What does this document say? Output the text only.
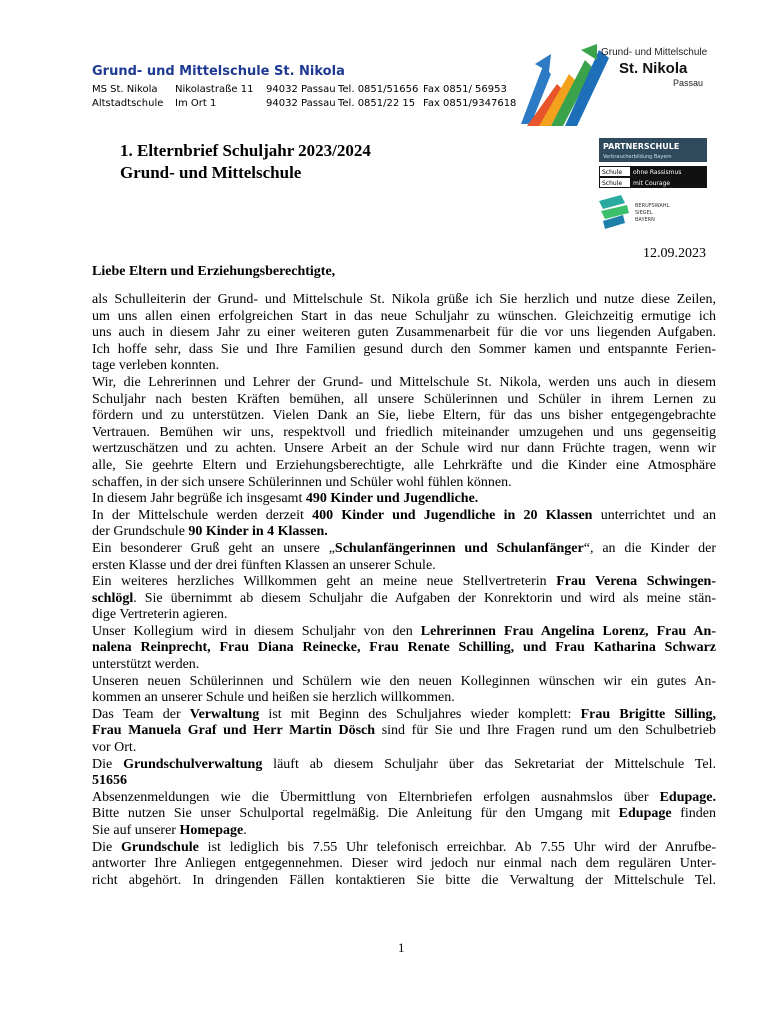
Grund- und Mittelschule St. Nikola
MS St. Nikola Nikolastraße 11 94032 Passau Tel. 0851/51656 Fax 0851/ 56953
Altstadtschule Im Ort 1	94032 Passau Tel. 0851/22 15 Fax 0851/9347618
Grund- und Mittelschule
St. Nikola
Passau
1. Elternbrief Schuljahr 2023/2024
Grund- und Mittelschule
PARTNERSCHULE
Verbraucherbildung Bayern
Schule ohne Rassismus
Schule mit Courage
BERUFSWAHL
SIEGEL
BAYERN
12.09.2023
Liebe Eltern und Erziehungsberechtigte,
als Schulleiterin der Grund- und Mittelschule St. Nikola grüße ich Sie herzlich und nutze diese Zeilen,
um uns allen einen erfolgreichen Start in das neue Schuljahr zu wünschen. Gleichzeitig ermutige ich
uns auch in diesem Jahr zu einer weiteren guten Zusammenarbeit für die vor uns liegenden Aufgaben.
Ich hoffe sehr, dass Sie und Ihre Familien gesund durch den Sommer kamen und entspannte Ferien-
tage verleben konnten.
Wir, die Lehrerinnen und Lehrer der Grund- und Mittelschule St. Nikola, werden uns auch in diesem
Schuljahr nach besten Kräften bemühen, all unsere Schülerinnen und Schüler in ihrem Lernen zu
fördern und zu unterstützen. Vielen Dank an Sie, liebe Eltern, für das uns bisher entgegengebrachte
Vertrauen. Bemühen wir uns, respektvoll und friedlich miteinander umzugehen und uns gegenseitig
wertzuschätzen und zu achten. Unsere Arbeit an der Schule wird nur dann Früchte tragen, wenn wir
alle, Sie geehrte Eltern und Erziehungsberechtigte, alle Lehrkräfte und die Kinder eine Atmosphäre
schaffen, in der sich unsere Schülerinnen und Schüler wohl fühlen können.
In diesem Jahr begrüße ich insgesamt 490 Kinder und Jugendliche.
In der Mittelschule werden derzeit 400 Kinder und Jugendliche in 20 Klassen unterrichtet und an
der Grundschule 90 Kinder in 4 Klassen.
Ein besonderer Gruß geht an unsere „Schulanfängerinnen und Schulanfänger“, an die Kinder der
ersten Klasse und der drei fünften Klassen an unserer Schule.
Ein weiteres herzliches Willkommen geht an meine neue Stellvertreterin Frau Verena Schwingen-
schlögl. Sie übernimmt ab diesem Schuljahr die Aufgaben der Konrektorin und wird als meine stän-
dige Vertreterin agieren.
Unser Kollegium wird in diesem Schuljahr von den Lehrerinnen Frau Angelina Lorenz, Frau An-
nalena Reinprecht, Frau Diana Reinecke, Frau Renate Schilling, und Frau Katharina Schwarz
unterstützt werden.
Unseren neuen Schülerinnen und Schülern wie den neuen Kolleginnen wünschen wir ein gutes An-
kommen an unserer Schule und heißen sie herzlich willkommen.
Das Team der Verwaltung ist mit Beginn des Schuljahres wieder komplett: Frau Brigitte Silling,
Frau Manuela Graf und Herr Martin Dösch sind für Sie und Ihre Fragen rund um den Schulbetrieb
vor Ort.
Die Grundschulverwaltung läuft ab diesem Schuljahr über das Sekretariat der Mittelschule Tel.
51656
Absenzenmeldungen wie die Übermittlung von Elternbriefen erfolgen ausnahmslos über Edupage.
Bitte nutzen Sie unser Schulportal regelmäßig. Die Anleitung für den Umgang mit Edupage finden
Sie auf unserer Homepage.
Die Grundschule ist lediglich bis 7.55 Uhr telefonisch erreichbar. Ab 7.55 Uhr wird der Anrufbe-
antworter Ihre Anliegen entgegennehmen. Dieser wird jedoch nur einmal nach dem regulären Unter-
richt abgehört. In dringenden Fällen kontaktieren Sie bitte die Verwaltung der Mittelschule Tel.
1
